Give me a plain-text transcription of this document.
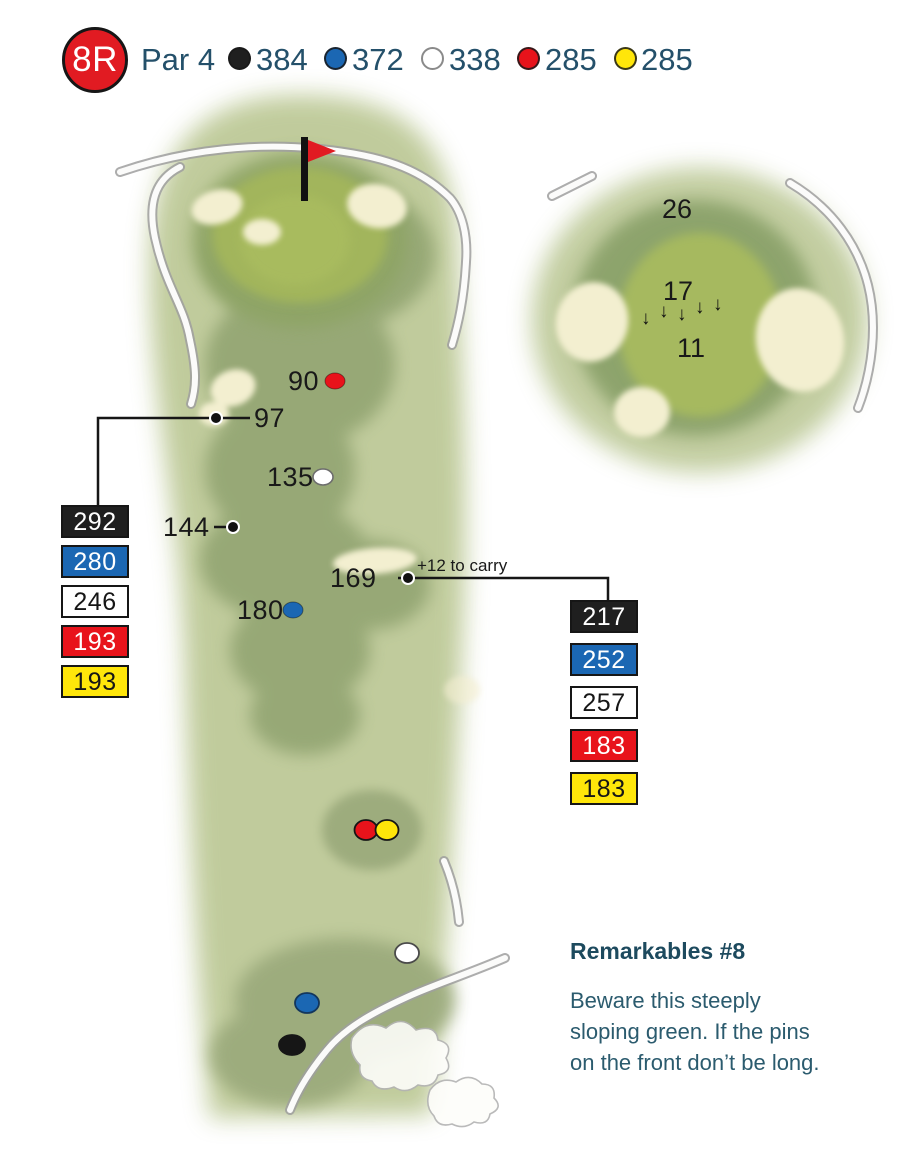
8R Par 4 384 372 338 285 285
90
97
135
144
169 +12 to carry
180
292
280
246
193
193
217
252
257
183
183
26
17
11
↓ ↓ ↓ ↓ ↓
Remarkables #8
Beware this steeply sloping green. If the pins on the front don’t be long.
